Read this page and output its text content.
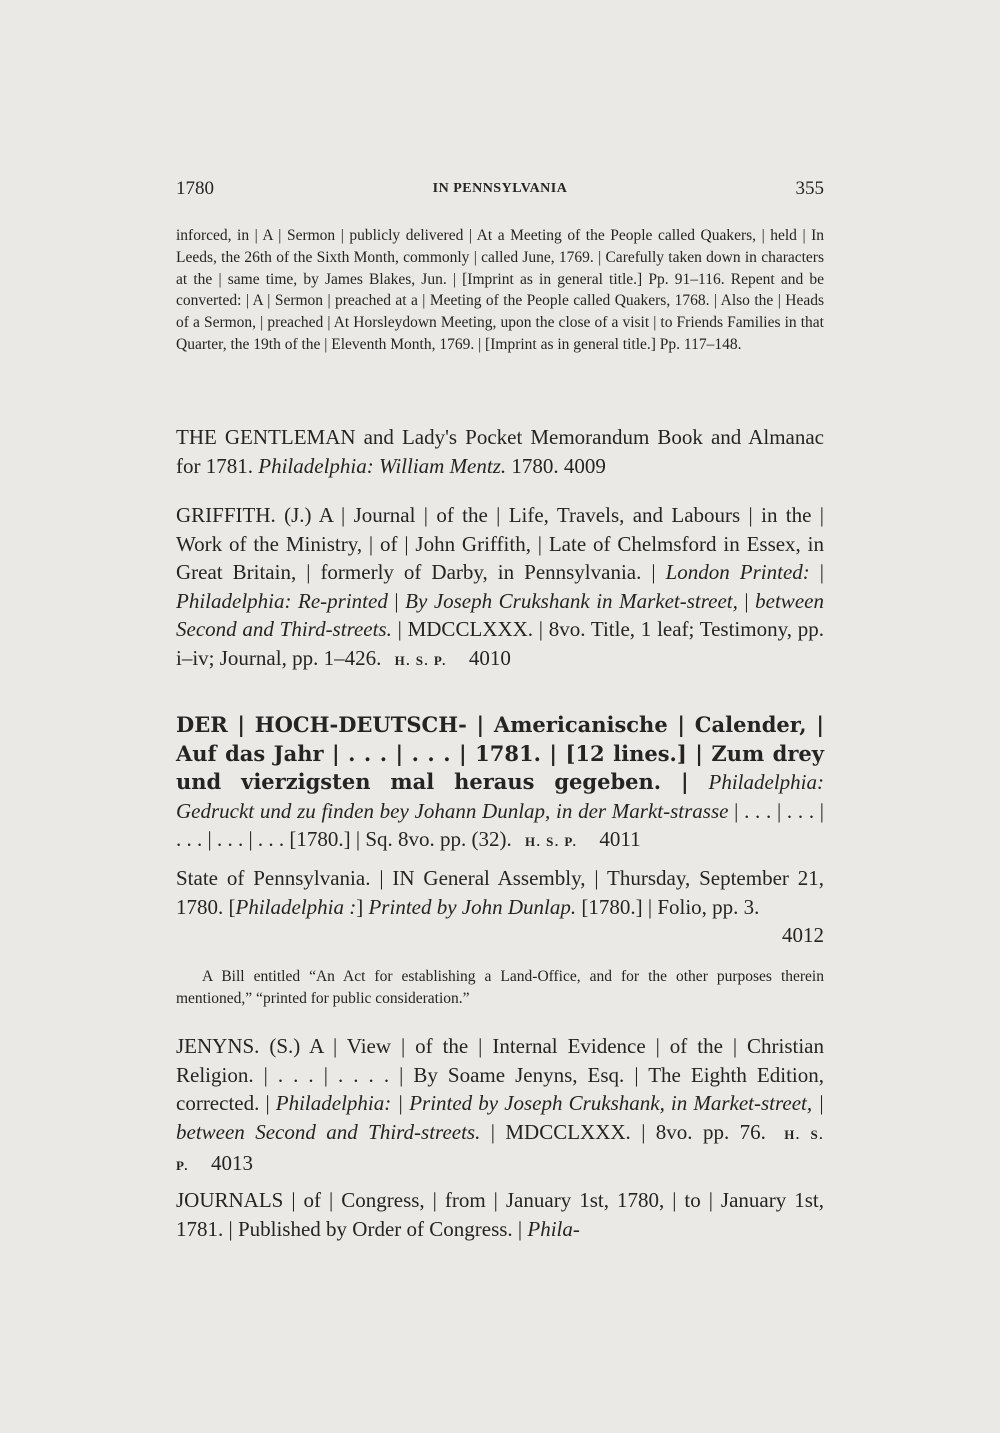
1780	IN PENNSYLVANIA	355
inforced, in | A | Sermon | publicly delivered | At a Meeting of the People called Quakers, | held | In Leeds, the 26th of the Sixth Month, commonly | called June, 1769. | Carefully taken down in characters at the | same time, by James Blakes, Jun. | [Imprint as in general title.] Pp. 91–116. Repent and be converted: | A | Sermon | preached at a | Meeting of the People called Quakers, 1768. | Also the | Heads of a Sermon, | preached | At Horsleydown Meeting, upon the close of a visit | to Friends Families in that Quarter, the 19th of the | Eleventh Month, 1769. | [Imprint as in general title.] Pp. 117–148.
THE GENTLEMAN and Lady's Pocket Memorandum Book and Almanac for 1781. Philadelphia: William Mentz. 1780. 4009
GRIFFITH. (J.) A | Journal | of the | Life, Travels, and Labours | in the | Work of the Ministry, | of | John Griffith, | Late of Chelmsford in Essex, in Great Britain, | formerly of Darby, in Pennsylvania. | London Printed: | Philadelphia: Re-printed | By Joseph Crukshank in Market-street, | between Second and Third-streets. | MDCCLXXX. | 8vo. Title, 1 leaf; Testimony, pp. i–iv; Journal, pp. 1–426. H. S. P. 4010
DER | HOCH-DEUTSCH- | Americanische | Calender, | Auf das Jahr | . . . | . . . | 1781. | [12 lines.] | Zum drey und vierzigsten mal heraus gegeben. | Philadelphia: Gedruckt und zu finden bey Johann Dunlap, in der Markt-strasse | . . . | . . . | . . . | . . . | . . . [1780.] | Sq. 8vo. pp. (32). H. S. P. 4011
State of Pennsylvania. | IN General Assembly, | Thursday, September 21, 1780. [Philadelphia :] Printed by John Dunlap. [1780.] | Folio, pp. 3.
4012
A Bill entitled “An Act for establishing a Land-Office, and for the other purposes therein mentioned,” “printed for public consideration.”
JENYNS. (S.) A | View | of the | Internal Evidence | of the | Christian Religion. | . . . | . . . . | By Soame Jenyns, Esq. | The Eighth Edition, corrected. | Philadelphia: | Printed by Joseph Crukshank, in Market-street, | between Second and Third-streets. | MDCCLXXX. | 8vo. pp. 76. H. S. P. 4013
JOURNALS | of | Congress, | from | January 1st, 1780, | to | January 1st, 1781. | Published by Order of Congress. | Phila-
